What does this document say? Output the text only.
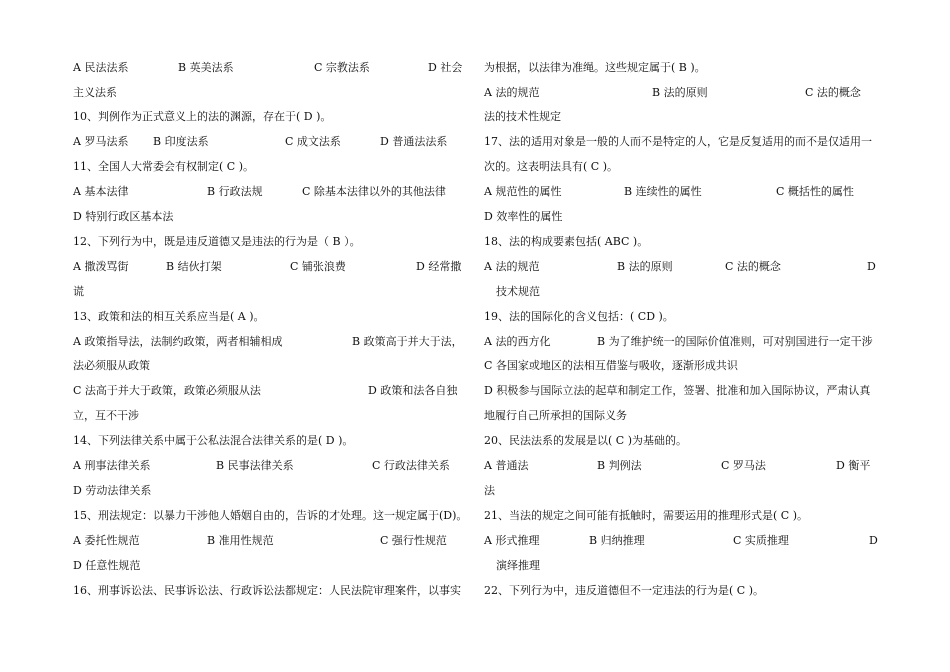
A 民法法系	B 英美法系	C 宗教法系	D 社会
主义法系
10、判例作为正式意义上的法的渊源，存在于( D )。
A 罗马法系 B 印度法系	C 成文法系	D 普通法法系
11、全国人大常委会有权制定( C )。
A 基本法律	B 行政法规	C 除基本法律以外的其他法律
D 特别行政区基本法
12、下列行为中，既是违反道德又是违法的行为是（ B ）。
A 撒泼骂街	B 结伙打架	C 铺张浪费	D 经常撒
谎
13、政策和法的相互关系应当是( A )。
A 政策指导法，法制约政策，两者相辅相成	B 政策高于并大于法，
法必须服从政策
C 法高于并大于政策，政策必须服从法	D 政策和法各自独
立，互不干涉
14、下列法律关系中属于公私法混合法律关系的是( D )。
A 刑事法律关系	B 民事法律关系	C 行政法律关系
D 劳动法律关系
15、刑法规定：以暴力干涉他人婚姻自由的，告诉的才处理。这一规定属于(D)。
A 委托性规范	B 准用性规范	C 强行性规范
D 任意性规范
16、刑事诉讼法、民事诉讼法、行政诉讼法都规定：人民法院审理案件，以事实
为根据，以法律为准绳。这些规定属于( B )。
A 法的规范	B 法的原则	C 法的概念
法的技术性规定
17、法的适用对象是一般的人而不是特定的人，它是反复适用的而不是仅适用一
次的。这表明法具有( C )。
A 规范性的属性	B 连续性的属性	C 概括性的属性
D 效率性的属性
18、法的构成要素包括( ABC )。
A 法的规范	B 法的原则	C 法的概念	D
技术规范
19、法的国际化的含义包括：( CD )。
A 法的西方化	B 为了维护统一的国际价值准则，可对别国进行一定干涉
C 各国家或地区的法相互借鉴与吸收，逐渐形成共识
D 积极参与国际立法的起草和制定工作，签署、批准和加入国际协议，严肃认真
地履行自己所承担的国际义务
20、民法法系的发展是以( C )为基础的。
A 普通法	B 判例法	C 罗马法	D 衡平
法
21、当法的规定之间可能有抵触时，需要运用的推理形式是( C )。
A 形式推理	B 归纳推理	C 实质推理	D
演绎推理
22、下列行为中，违反道德但不一定违法的行为是( C )。
